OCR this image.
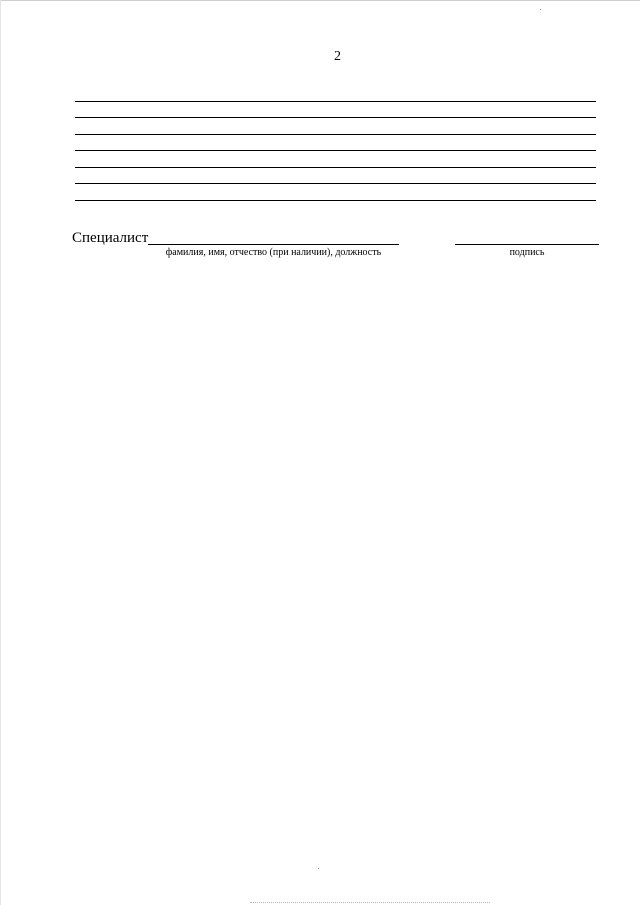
2
Специалист
фамилия, имя, отчество (при наличии), должность	подпись
